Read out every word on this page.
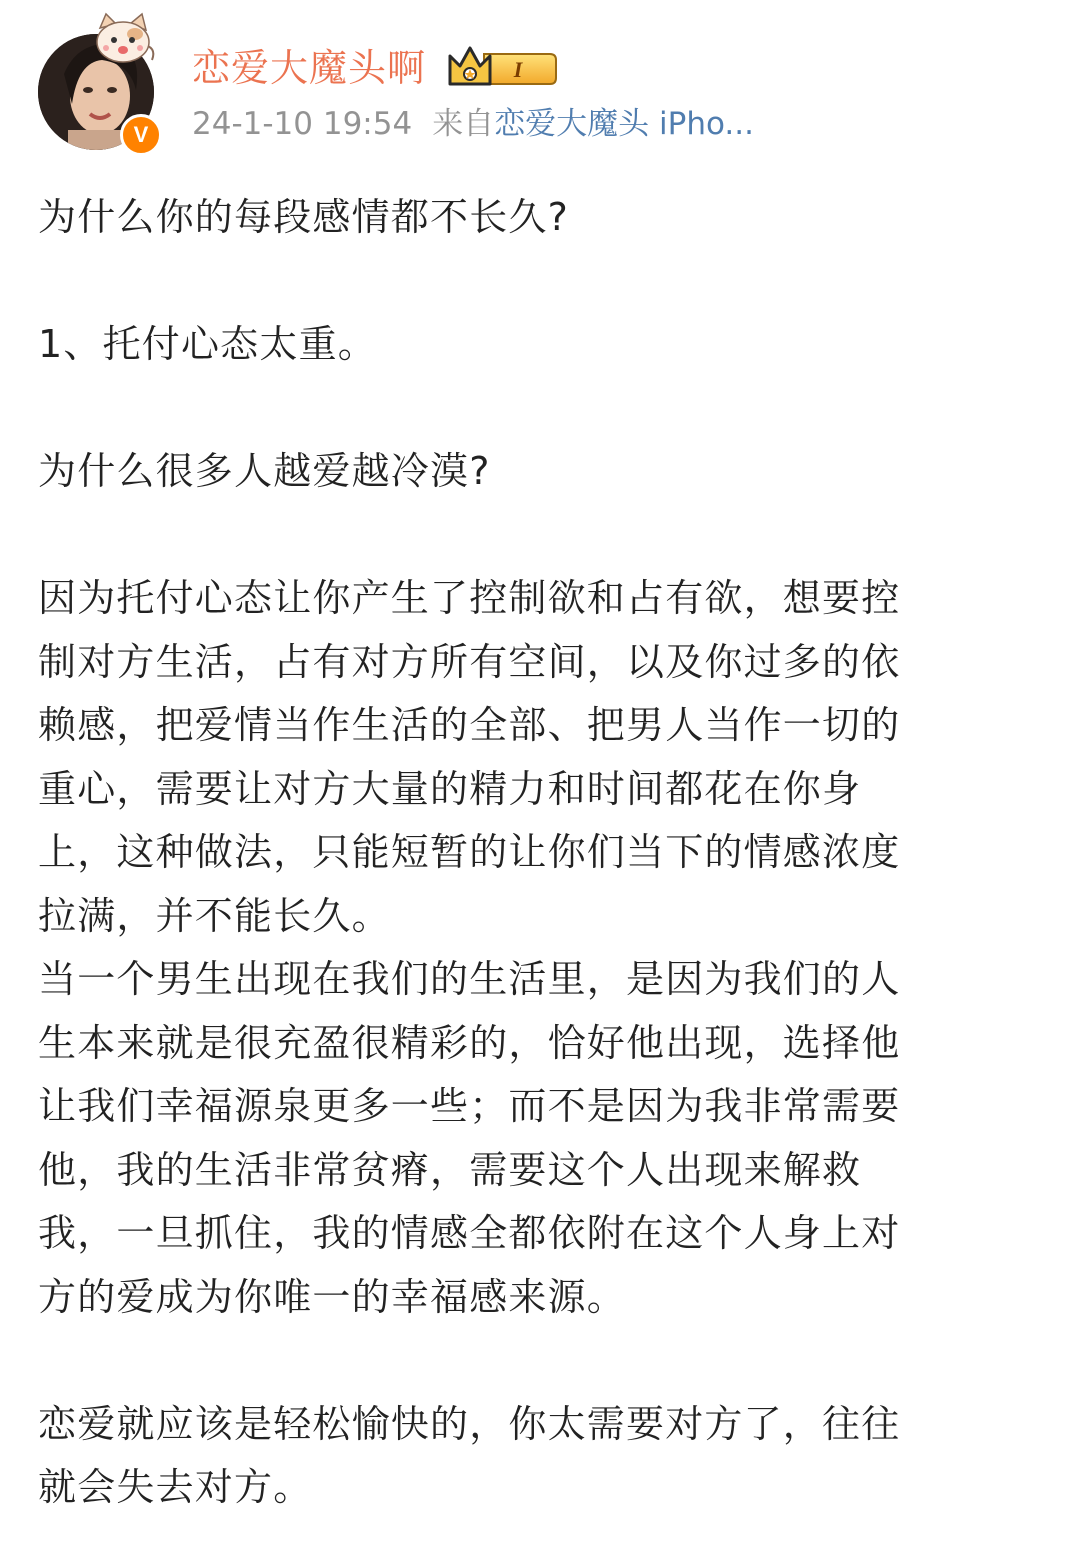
V
恋爱大魔头啊	I
24-1-10 19:54 来自恋爱大魔头 iPho...

为什么你的每段感情都不长久?

1、托付心态太重。

为什么很多人越爱越冷漠?

因为托付心态让你产生了控制欲和占有欲，想要控
制对方生活，占有对方所有空间，以及你过多的依
赖感，把爱情当作生活的全部、把男人当作一切的
重心，需要让对方大量的精力和时间都花在你身
上，这种做法，只能短暂的让你们当下的情感浓度
拉满，并不能长久。

当一个男生出现在我们的生活里，是因为我们的人
生本来就是很充盈很精彩的，恰好他出现，选择他
让我们幸福源泉更多一些；而不是因为我非常需要
他，我的生活非常贫瘠，需要这个人出现来解救
我，一旦抓住，我的情感全都依附在这个人身上对
方的爱成为你唯一的幸福感来源。

恋爱就应该是轻松愉快的，你太需要对方了，往往
就会失去对方。
